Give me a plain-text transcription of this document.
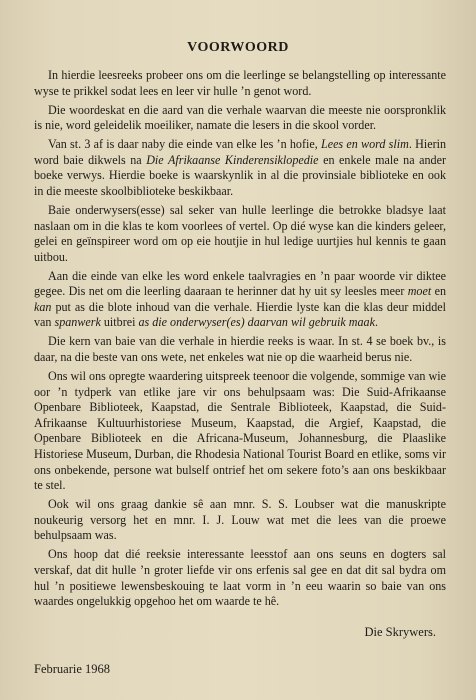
VOORWOORD

In hierdie leesreeks probeer ons om die leerlinge se belangstelling op interessante wyse te prikkel sodat lees en leer vir hulle ’n genot word.

Die woordeskat en die aard van die verhale waarvan die meeste nie oorspronklik is nie, word geleidelik moeiliker, namate die lesers in die skool vorder.

Van st. 3 af is daar naby die einde van elke les ’n hofie, Lees en word slim. Hierin word baie dikwels na Die Afrikaanse Kinderensiklopedie en enkele male na ander boeke verwys. Hierdie boeke is waarskynlik in al die provinsiale biblioteke en ook in die meeste skoolbiblioteke beskikbaar.

Baie onderwysers(esse) sal seker van hulle leerlinge die betrokke bladsye laat naslaan om in die klas te kom voorlees of vertel. Op dié wyse kan die kinders geleer, gelei en geïnspireer word om op eie houtjie in hul ledige uurtjies hul kennis te gaan uitbou.

Aan die einde van elke les word enkele taalvragies en ’n paar woorde vir diktee gegee. Dis net om die leerling daaraan te herinner dat hy uit sy leesles meer moet en kan put as die blote inhoud van die verhale. Hierdie lyste kan die klas deur middel van spanwerk uitbrei as die onderwyser(es) daarvan wil gebruik maak.

Die kern van baie van die verhale in hierdie reeks is waar. In st. 4 se boek bv., is daar, na die beste van ons wete, net enkeles wat nie op die waarheid berus nie.

Ons wil ons opregte waardering uitspreek teenoor die volgende, sommige van wie oor ’n tydperk van etlike jare vir ons behulpsaam was: Die Suid-Afrikaanse Openbare Biblioteek, Kaapstad, die Sentrale Biblioteek, Kaapstad, die Suid-Afrikaanse Kultuurhistoriese Museum, Kaapstad, die Argief, Kaapstad, die Openbare Biblioteek en die Africana-Museum, Johannesburg, die Plaaslike Historiese Museum, Durban, die Rhodesia National Tourist Board en etlike, soms vir ons onbekende, persone wat bulself ontrief het om sekere foto’s aan ons beskikbaar te stel.

Ook wil ons graag dankie sê aan mnr. S. S. Loubser wat die manuskripte noukeurig versorg het en mnr. I. J. Louw wat met die lees van die proewe behulpsaam was.

Ons hoop dat dié reeksie interessante leesstof aan ons seuns en dogters sal verskaf, dat dit hulle ’n groter liefde vir ons erfenis sal gee en dat dit sal bydra om hul ’n positiewe lewensbeskouing te laat vorm in ’n eeu waarin so baie van ons waardes ongelukkig opgehoo het om waarde te hê.

Die Skrywers.
Februarie 1968
